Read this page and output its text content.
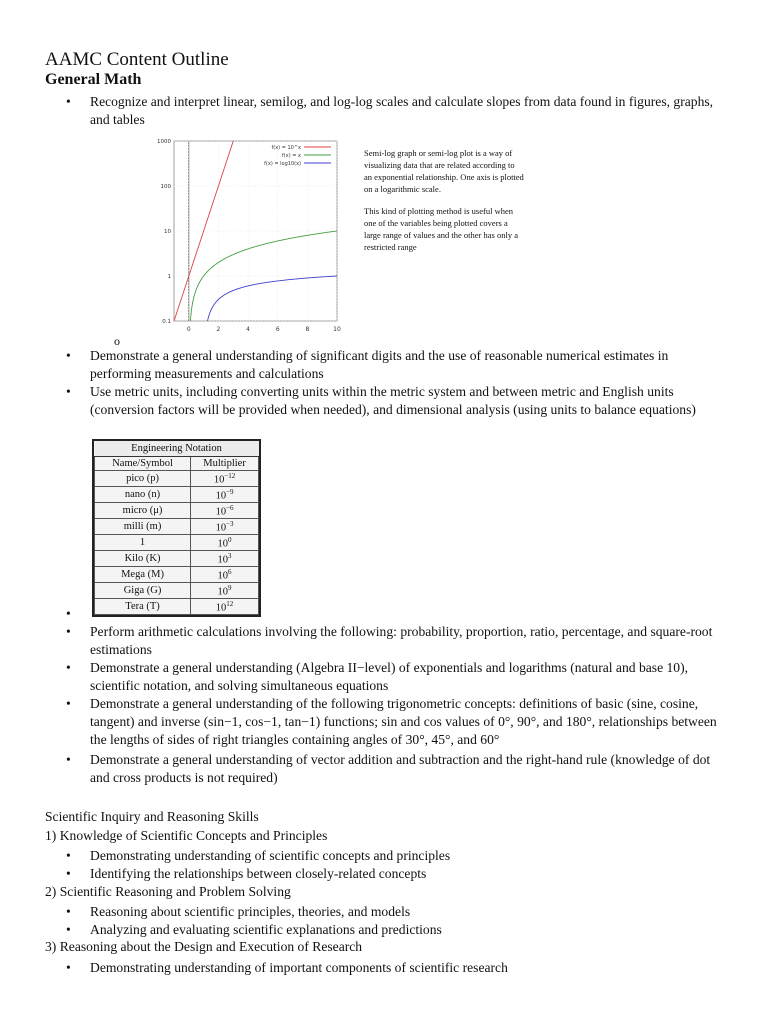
AAMC Content Outline
General Math
• Recognize and interpret linear, semilog, and log-log scales and calculate slopes from data found in figures, graphs, and tables
0	2	4	6	8	10
0.1
1
10
100
1000
f(x) = 10^x
f(x) = x
f(x) = log10(x)

Semi-log graph or semi-log plot is a way of visualizing data that are related according to an exponential relationship. One axis is plotted on a logarithmic scale.

This kind of plotting method is useful when one of the variables being plotted covers a large range of values and the other has only a restricted range

o
• Demonstrate a general understanding of significant digits and the use of reasonable numerical estimates in performing measurements and calculations
• Use metric units, including converting units within the metric system and between metric and English units (conversion factors will be provided when needed), and dimensional analysis (using units to balance equations)
Engineering Notation	
Name/Symbol	Multiplier
pico (p)	$10^{-12}$
nano (n)	$10^{-9}$
micro (μ)	$10^{-6}$
milli (m)	$10^{-3}$
1	$10^0$
Kilo (K)	$10^3$
Mega (M)	$10^6$
Giga (G)	$10^9$
Tera (T)	$10^{12}$
•
• Perform arithmetic calculations involving the following: probability, proportion, ratio, percentage, and square-root estimations
• Demonstrate a general understanding (Algebra II−level) of exponentials and logarithms (natural and base 10), scientific notation, and solving simultaneous equations
• Demonstrate a general understanding of the following trigonometric concepts: definitions of basic (sine, cosine, tangent) and inverse (sin−1, cos−1, tan−1) functions; sin and cos values of 0°, 90°, and 180°, relationships between the lengths of sides of right triangles containing angles of 30°, 45°, and 60°
• Demonstrate a general understanding of vector addition and subtraction and the right-hand rule (knowledge of dot and cross products is not required)
Scientific Inquiry and Reasoning Skills
1) Knowledge of Scientific Concepts and Principles
• Demonstrating understanding of scientific concepts and principles
• Identifying the relationships between closely-related concepts
2) Scientific Reasoning and Problem Solving
• Reasoning about scientific principles, theories, and models
• Analyzing and evaluating scientific explanations and predictions
3) Reasoning about the Design and Execution of Research
• Demonstrating understanding of important components of scientific research
